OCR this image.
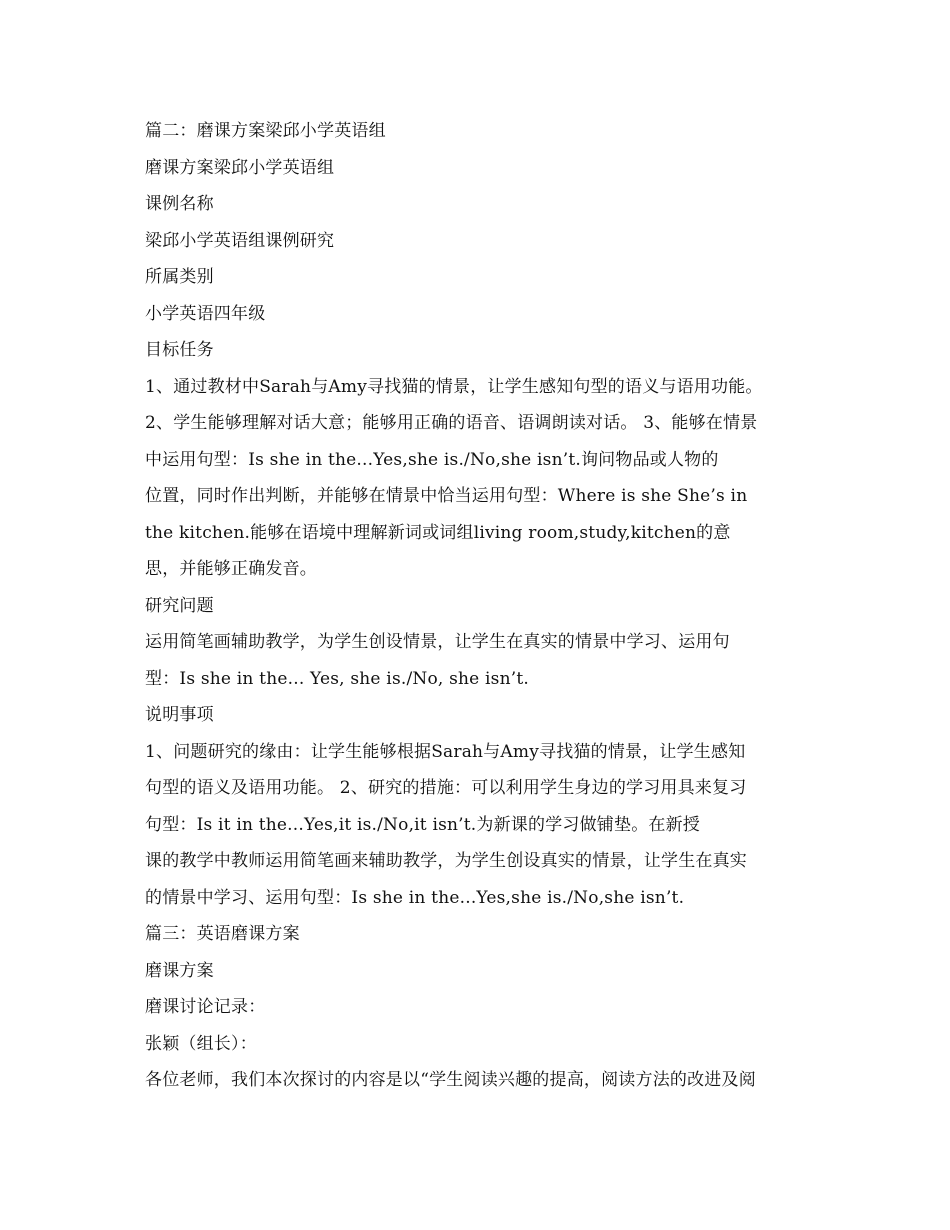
篇二：磨课方案梁邱小学英语组
磨课方案梁邱小学英语组
课例名称
梁邱小学英语组课例研究
所属类别
小学英语四年级
目标任务
1、通过教材中Sarah与Amy寻找猫的情景，让学生感知句型的语义与语用功能。
2、学生能够理解对话大意；能够用正确的语音、语调朗读对话。 3、能够在情景
中运用句型：Is she in the...Yes,she is./No,she isn’t.询问物品或人物的
位置，同时作出判断，并能够在情景中恰当运用句型：Where is she She’s in
the kitchen.能够在语境中理解新词或词组living room,study,kitchen的意
思，并能够正确发音。
研究问题
运用简笔画辅助教学，为学生创设情景，让学生在真实的情景中学习、运用句
型：Is she in the... Yes, she is./No, she isn’t.
说明事项
1、问题研究的缘由：让学生能够根据Sarah与Amy寻找猫的情景，让学生感知
句型的语义及语用功能。 2、研究的措施：可以利用学生身边的学习用具来复习
句型：Is it in the...Yes,it is./No,it isn’t.为新课的学习做铺垫。在新授
课的教学中教师运用简笔画来辅助教学，为学生创设真实的情景，让学生在真实
的情景中学习、运用句型：Is she in the...Yes,she is./No,she isn’t.
篇三：英语磨课方案
磨课方案
磨课讨论记录：
张颖（组长）：
各位老师，我们本次探讨的内容是以“学生阅读兴趣的提高，阅读方法的改进及阅
